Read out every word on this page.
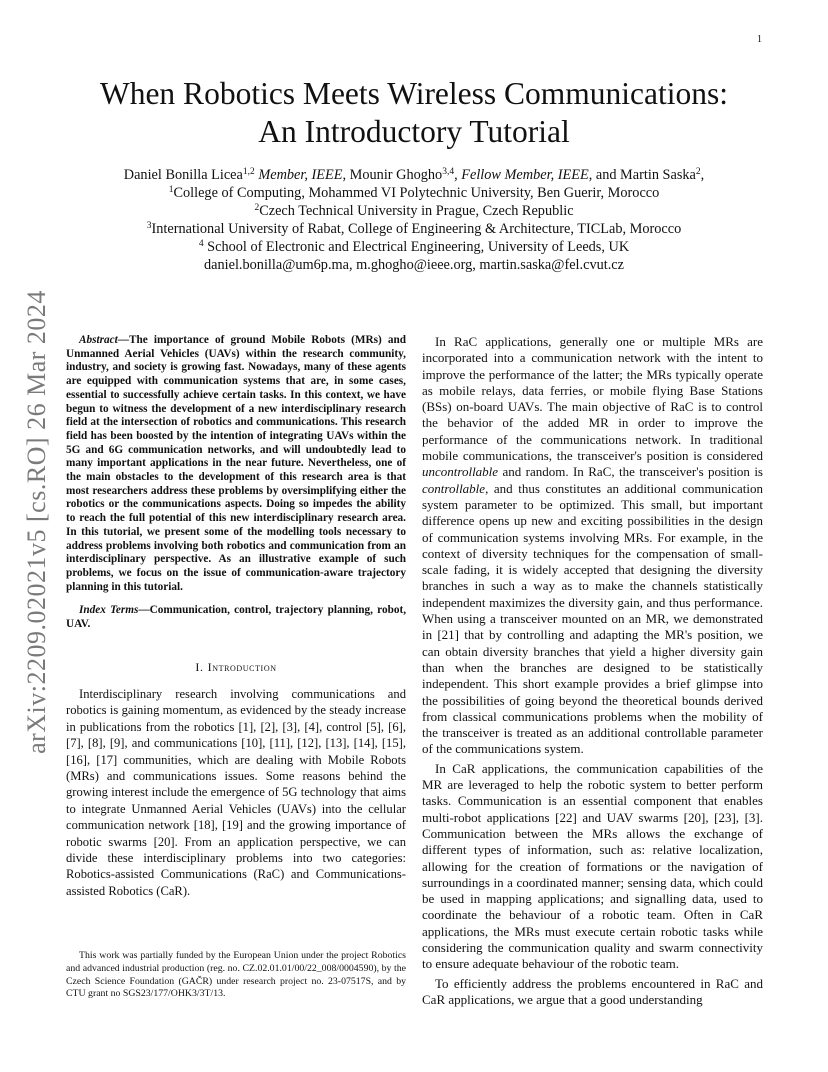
1
arXiv:2209.02021v5 [cs.RO] 26 Mar 2024
When Robotics Meets Wireless Communications:
An Introductory Tutorial
Daniel Bonilla Licea$^{1,2}$ Member, IEEE, Mounir Ghogho$^{3,4}$, Fellow Member, IEEE, and Martin Saska$^2$,
$^1$College of Computing, Mohammed VI Polytechnic University, Ben Guerir, Morocco
$^2$Czech Technical University in Prague, Czech Republic
$^3$International University of Rabat, College of Engineering & Architecture, TICLab, Morocco
$^4$ School of Electronic and Electrical Engineering, University of Leeds, UK
daniel.bonilla@um6p.ma, m.ghogho@ieee.org, martin.saska@fel.cvut.cz

Abstract—The importance of ground Mobile Robots (MRs) and Unmanned Aerial Vehicles (UAVs) within the research community, industry, and society is growing fast. Nowadays, many of these agents are equipped with communication systems that are, in some cases, essential to successfully achieve certain tasks. In this context, we have begun to witness the development of a new interdisciplinary research field at the intersection of robotics and communications. This research field has been boosted by the intention of integrating UAVs within the 5G and 6G communication networks, and will undoubtedly lead to many important applications in the near future. Nevertheless, one of the main obstacles to the development of this research area is that most researchers address these problems by oversimplifying either the robotics or the communications aspects. Doing so impedes the ability to reach the full potential of this new interdisciplinary research area. In this tutorial, we present some of the modelling tools necessary to address problems involving both robotics and communication from an interdisciplinary perspective. As an illustrative example of such problems, we focus on the issue of communication-aware trajectory planning in this tutorial.

Index Terms—Communication, control, trajectory planning, robot, UAV.

I. Introduction

Interdisciplinary research involving communications and robotics is gaining momentum, as evidenced by the steady increase in publications from the robotics [1], [2], [3], [4], control [5], [6], [7], [8], [9], and communications [10], [11], [12], [13], [14], [15], [16], [17] communities, which are dealing with Mobile Robots (MRs) and communications issues. Some reasons behind the growing interest include the emergence of 5G technology that aims to integrate Unmanned Aerial Vehicles (UAVs) into the cellular communication network [18], [19] and the growing importance of robotic swarms [20]. From an application perspective, we can divide these interdisciplinary problems into two categories: Robotics-assisted Communications (RaC) and Communications-assisted Robotics (CaR).

This work was partially funded by the European Union under the project Robotics and advanced industrial production (reg. no. CZ.02.01.01/00/22_008/0004590), by the Czech Science Foundation (GAČR) under research project no. 23-07517S, and by CTU grant no SGS23/177/OHK3/3T/13.

In RaC applications, generally one or multiple MRs are incorporated into a communication network with the intent to improve the performance of the latter; the MRs typically operate as mobile relays, data ferries, or mobile flying Base Stations (BSs) on-board UAVs. The main objective of RaC is to control the behavior of the added MR in order to improve the performance of the communications network. In traditional mobile communications, the transceiver's position is considered uncontrollable and random. In RaC, the transceiver's position is controllable, and thus constitutes an additional communication system parameter to be optimized. This small, but important difference opens up new and exciting possibilities in the design of communication systems involving MRs. For example, in the context of diversity techniques for the compensation of small-scale fading, it is widely accepted that designing the diversity branches in such a way as to make the channels statistically independent maximizes the diversity gain, and thus performance. When using a transceiver mounted on an MR, we demonstrated in [21] that by controlling and adapting the MR's position, we can obtain diversity branches that yield a higher diversity gain than when the branches are designed to be statistically independent. This short example provides a brief glimpse into the possibilities of going beyond the theoretical bounds derived from classical communications problems when the mobility of the transceiver is treated as an additional controllable parameter of the communications system.

In CaR applications, the communication capabilities of the MR are leveraged to help the robotic system to better perform tasks. Communication is an essential component that enables multi-robot applications [22] and UAV swarms [20], [23], [3]. Communication between the MRs allows the exchange of different types of information, such as: relative localization, allowing for the creation of formations or the navigation of surroundings in a coordinated manner; sensing data, which could be used in mapping applications; and signalling data, used to coordinate the behaviour of a robotic team. Often in CaR applications, the MRs must execute certain robotic tasks while considering the communication quality and swarm connectivity to ensure adequate behaviour of the robotic team.

To efficiently address the problems encountered in RaC and CaR applications, we argue that a good understanding
